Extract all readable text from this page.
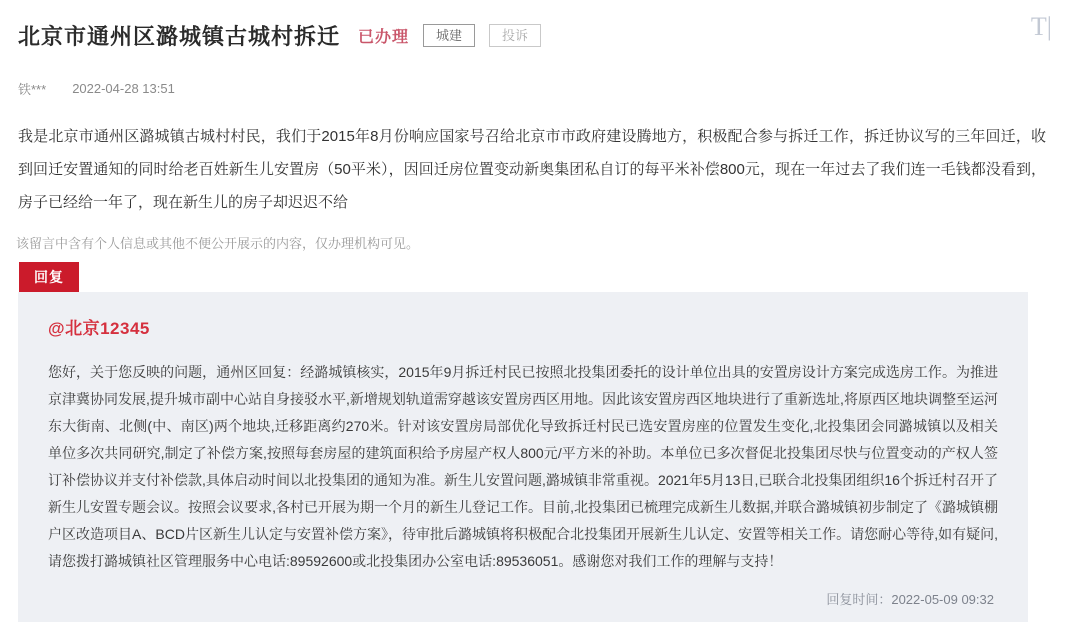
T|
北京市通州区潞城镇古城村拆迁 已办理	城建	投诉
铁*** 2022-04-28 13:51

我是北京市通州区潞城镇古城村村民，我们于2015年8月份响应国家号召给北京市市政府建设腾地方，积极配合参与拆迁工作，拆迁协议写的三年回迁，收到回迁安置通知的同时给老百姓新生儿安置房（50平米），因回迁房位置变动新奥集团私自订的每平米补偿800元，现在一年过去了我们连一毛钱都没看到，房子已经给一年了，现在新生儿的房子却迟迟不给

该留言中含有个人信息或其他不便公开展示的内容，仅办理机构可见。

回复
@北京12345

您好，关于您反映的问题，通州区回复：经潞城镇核实，2015年9月拆迁村民已按照北投集团委托的设计单位出具的安置房设计方案完成选房工作。为推进京津冀协同发展,提升城市副中心站自身接驳水平,新增规划轨道需穿越该安置房西区用地。因此该安置房西区地块进行了重新选址,将原西区地块调整至运河东大街南、北侧(中、南区)两个地块,迁移距离约270米。针对该安置房局部优化导致拆迁村民已选安置房座的位置发生变化,北投集团会同潞城镇以及相关单位多次共同研究,制定了补偿方案,按照每套房屋的建筑面积给予房屋产权人800元/平方米的补助。本单位已多次督促北投集团尽快与位置变动的产权人签订补偿协议并支付补偿款,具体启动时间以北投集团的通知为准。新生儿安置问题,潞城镇非常重视。2021年5月13日,已联合北投集团组织16个拆迁村召开了新生儿安置专题会议。按照会议要求,各村已开展为期一个月的新生儿登记工作。目前,北投集团已梳理完成新生儿数据,并联合潞城镇初步制定了《潞城镇棚户区改造项目A、BCD片区新生儿认定与安置补偿方案》，待审批后潞城镇将积极配合北投集团开展新生儿认定、安置等相关工作。请您耐心等待,如有疑问,请您拨打潞城镇社区管理服务中心电话:89592600或北投集团办公室电话:89536051。感谢您对我们工作的理解与支持！

回复时间：2022-05-09 09:32
